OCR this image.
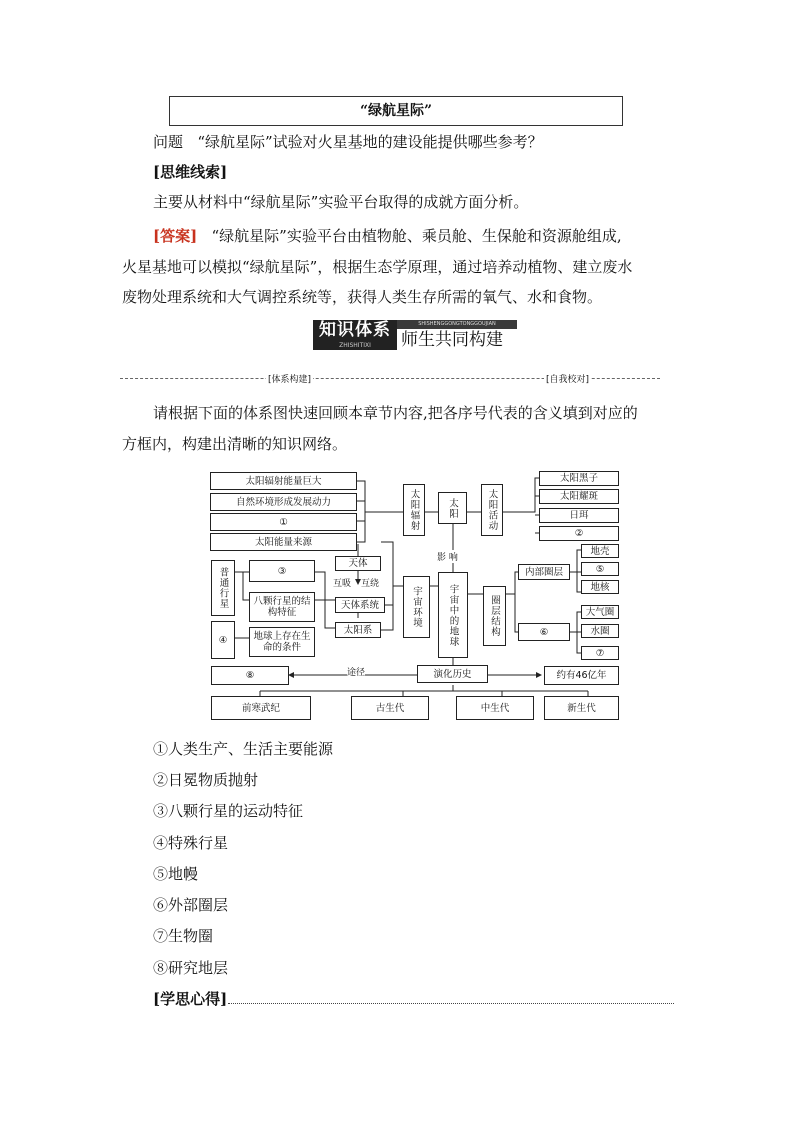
“绿航星际”
问题 “绿航星际”试验对火星基地的建设能提供哪些参考？
[思维线索]
主要从材料中“绿航星际”实验平台取得的成就方面分析。
[答案] “绿航星际”实验平台由植物舱、乘员舱、生保舱和资源舱组成,
火星基地可以模拟“绿航星际”，根据生态学原理，通过培养动植物、建立废水
废物处理系统和大气调控系统等，获得人类生存所需的氧气、水和食物。
知识体系
ZHISHITIXI
SHISHENGGONGTONGGOUJIAN
师生共同构建
[体系构建]	[自我校对]
请根据下面的体系图快速回顾本章节内容,把各序号代表的含义填到对应的
方框内，构建出清晰的知识网络。
太阳辐射能量巨大
自然环境形成发展动力
①
太阳能量来源
太阳辐射	太阳	太阳活动
太阳黑子
太阳耀斑
日珥
②
影 响
普通行星	③
八颗行星的结构特征
④	地球上存在生命的条件
天体
互吸 互绕
天体系统
太阳系
宇宙环境	宇宙中的地球	圈层结构
内部圈层
地壳
⑤
地核
⑥
大气圈
水圈
⑦
⑧	途径	演化历史	约有46亿年
前寒武纪	古生代	中生代	新生代
①人类生产、生活主要能源
②日冕物质抛射
③八颗行星的运动特征
④特殊行星
⑤地幔
⑥外部圈层
⑦生物圈
⑧研究地层
[学思心得]
